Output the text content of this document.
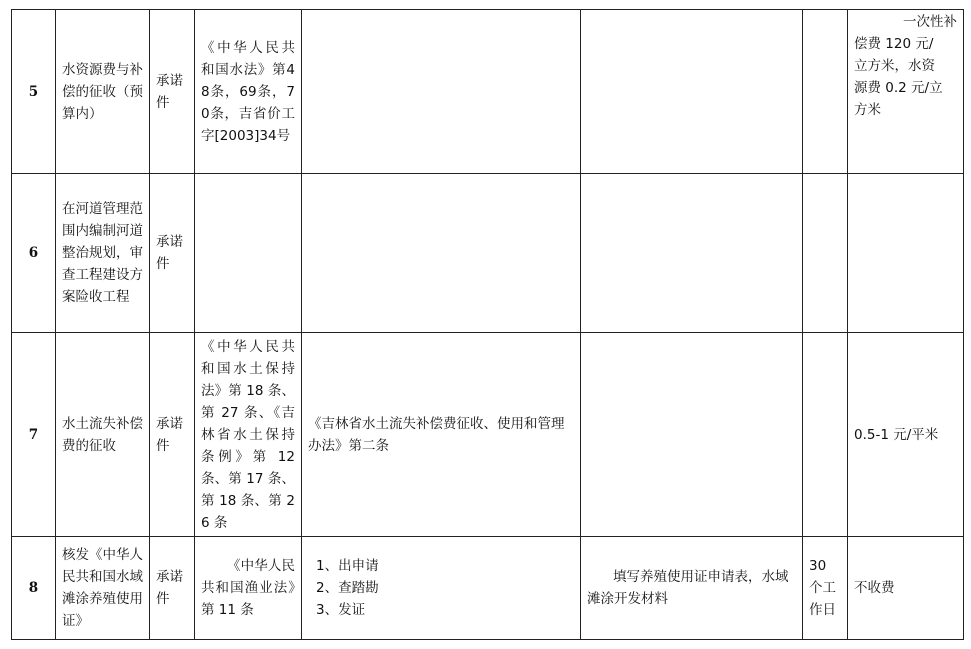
5	水资源费与补偿的征收（预算内）	承诺件	《中华人民共和国水法》第48条，69条，70条，吉省价工字[2003]34号				一次性补
偿费 120 元/
立方米，水资
源费 0.2 元/立
方米

6	在河道管理范围内编制河道整治规划，审查工程建设方案险收工程	承诺件					
7	水土流失补偿费的征收	承诺件	《中华人民共和国水土保持法》第 18 条、第 27 条、《吉林省水土保持条例》第 12 条、第 17 条、第 18 条、第 26 条	《吉林省水土流失补偿费征收、使用和管理办法》第二条			0.5-1 元/平米
8	核发《中华人民共和国水域滩涂养殖使用证》	承诺件	《中华人民共和国渔业法》第 11 条	1、出申请
2、查踏勘
3、发证	填写养殖使用证申请表，水域滩涂开发材料	30 个工作日	不收费
